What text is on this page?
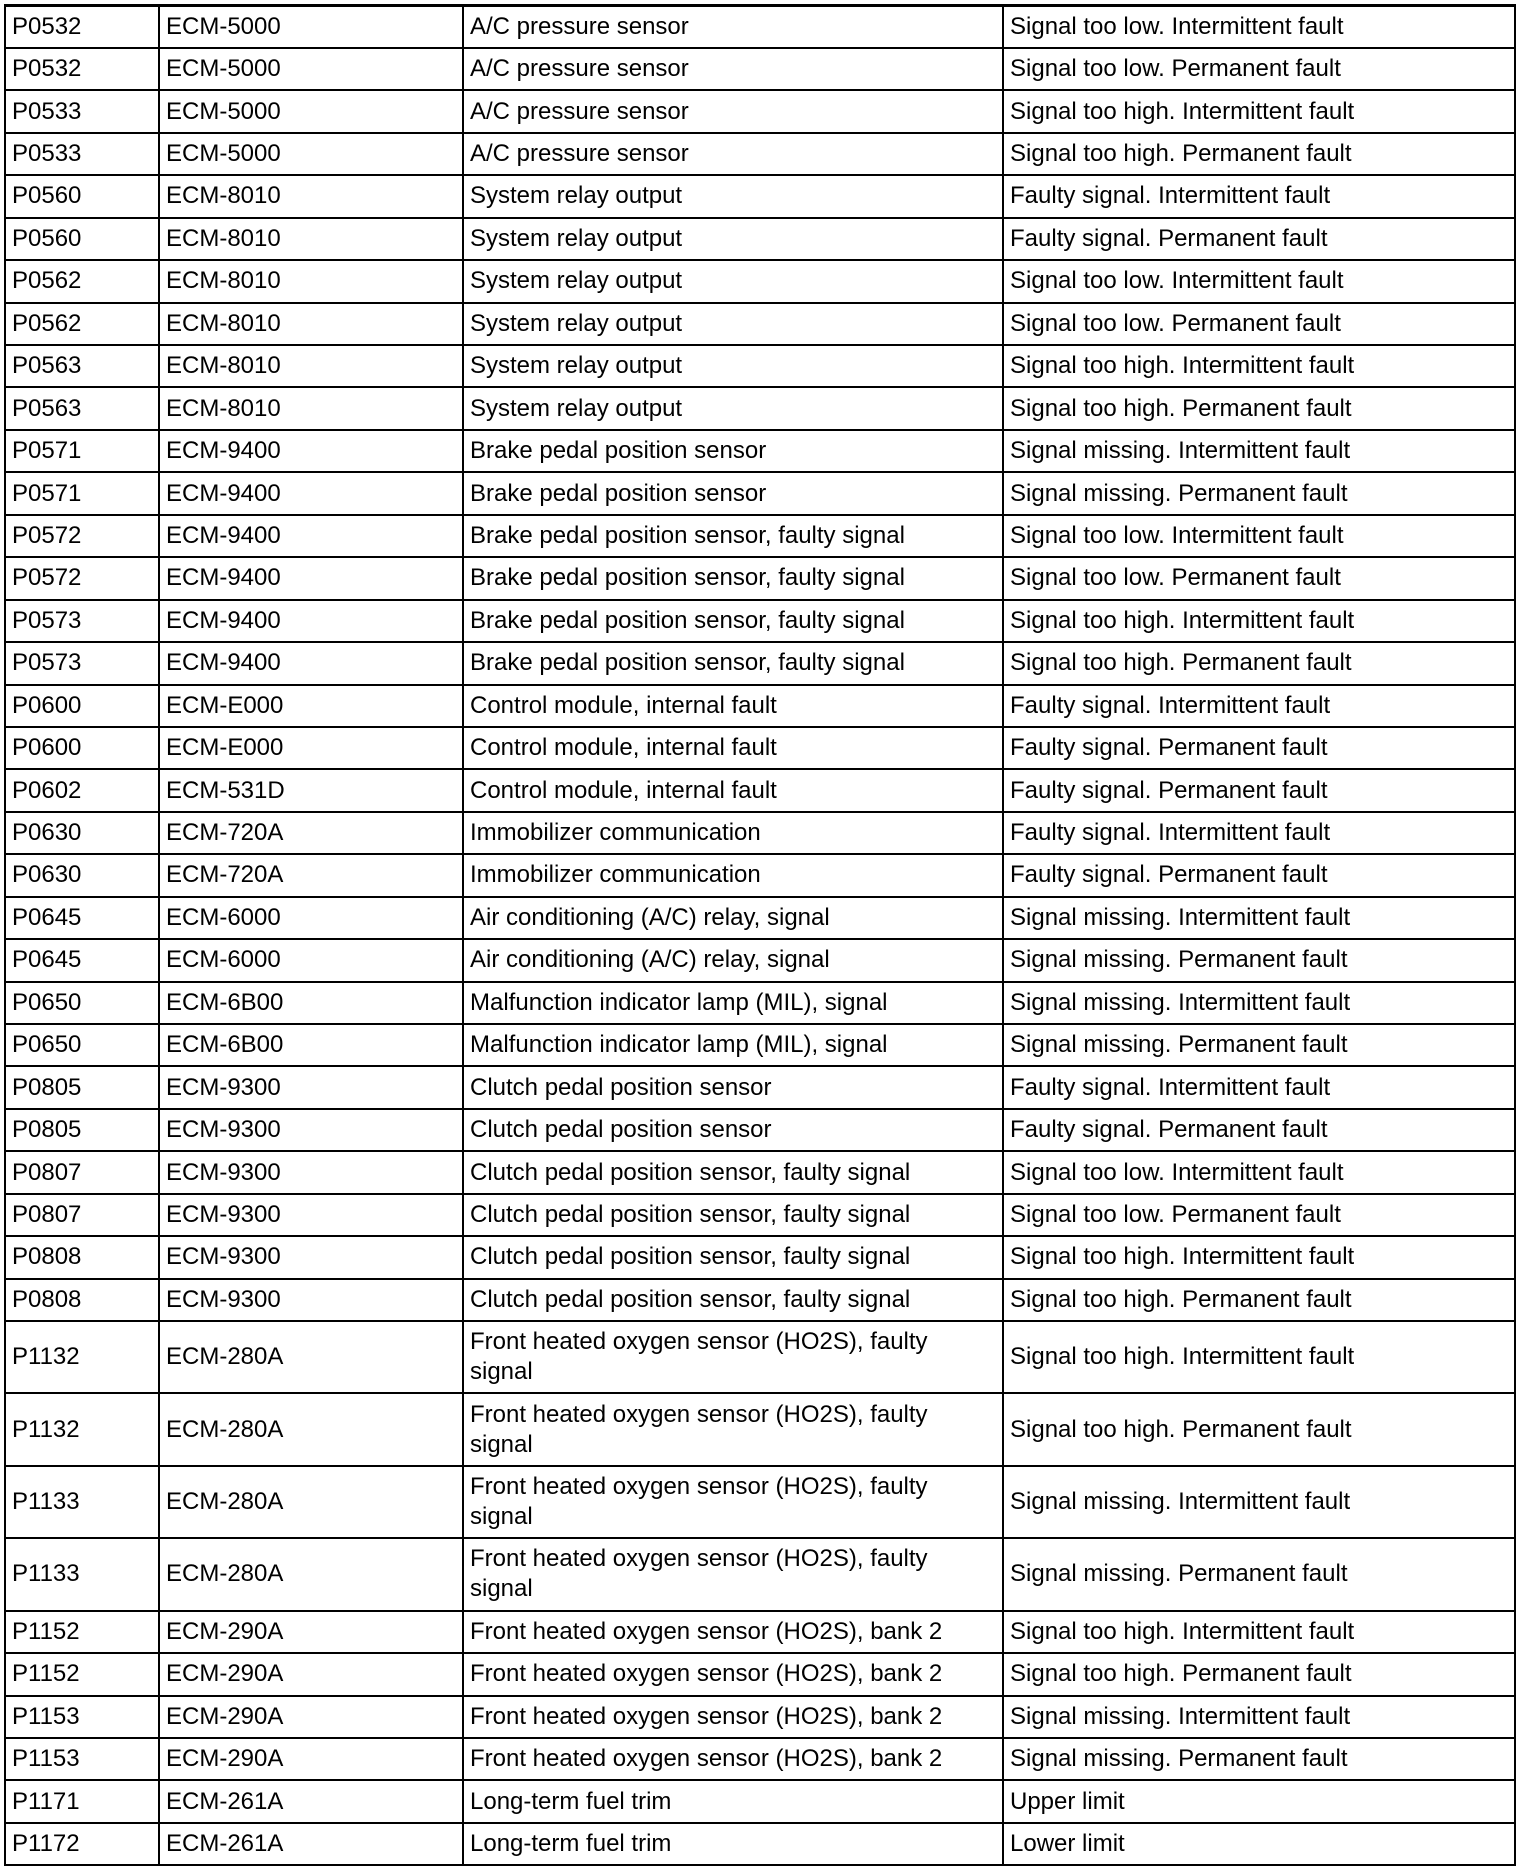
P0532	ECM-5000	A/C pressure sensor	Signal too low. Intermittent fault
P0532	ECM-5000	A/C pressure sensor	Signal too low. Permanent fault
P0533	ECM-5000	A/C pressure sensor	Signal too high. Intermittent fault
P0533	ECM-5000	A/C pressure sensor	Signal too high. Permanent fault
P0560	ECM-8010	System relay output	Faulty signal. Intermittent fault
P0560	ECM-8010	System relay output	Faulty signal. Permanent fault
P0562	ECM-8010	System relay output	Signal too low. Intermittent fault
P0562	ECM-8010	System relay output	Signal too low. Permanent fault
P0563	ECM-8010	System relay output	Signal too high. Intermittent fault
P0563	ECM-8010	System relay output	Signal too high. Permanent fault
P0571	ECM-9400	Brake pedal position sensor	Signal missing. Intermittent fault
P0571	ECM-9400	Brake pedal position sensor	Signal missing. Permanent fault
P0572	ECM-9400	Brake pedal position sensor, faulty signal	Signal too low. Intermittent fault
P0572	ECM-9400	Brake pedal position sensor, faulty signal	Signal too low. Permanent fault
P0573	ECM-9400	Brake pedal position sensor, faulty signal	Signal too high. Intermittent fault
P0573	ECM-9400	Brake pedal position sensor, faulty signal	Signal too high. Permanent fault
P0600	ECM-E000	Control module, internal fault	Faulty signal. Intermittent fault
P0600	ECM-E000	Control module, internal fault	Faulty signal. Permanent fault
P0602	ECM-531D	Control module, internal fault	Faulty signal. Permanent fault
P0630	ECM-720A	Immobilizer communication	Faulty signal. Intermittent fault
P0630	ECM-720A	Immobilizer communication	Faulty signal. Permanent fault
P0645	ECM-6000	Air conditioning (A/C) relay, signal	Signal missing. Intermittent fault
P0645	ECM-6000	Air conditioning (A/C) relay, signal	Signal missing. Permanent fault
P0650	ECM-6B00	Malfunction indicator lamp (MIL), signal	Signal missing. Intermittent fault
P0650	ECM-6B00	Malfunction indicator lamp (MIL), signal	Signal missing. Permanent fault
P0805	ECM-9300	Clutch pedal position sensor	Faulty signal. Intermittent fault
P0805	ECM-9300	Clutch pedal position sensor	Faulty signal. Permanent fault
P0807	ECM-9300	Clutch pedal position sensor, faulty signal	Signal too low. Intermittent fault
P0807	ECM-9300	Clutch pedal position sensor, faulty signal	Signal too low. Permanent fault
P0808	ECM-9300	Clutch pedal position sensor, faulty signal	Signal too high. Intermittent fault
P0808	ECM-9300	Clutch pedal position sensor, faulty signal	Signal too high. Permanent fault
P1132	ECM-280A	Front heated oxygen sensor (HO2S), faulty signal	Signal too high. Intermittent fault
P1132	ECM-280A	Front heated oxygen sensor (HO2S), faulty signal	Signal too high. Permanent fault
P1133	ECM-280A	Front heated oxygen sensor (HO2S), faulty signal	Signal missing. Intermittent fault
P1133	ECM-280A	Front heated oxygen sensor (HO2S), faulty signal	Signal missing. Permanent fault
P1152	ECM-290A	Front heated oxygen sensor (HO2S), bank 2	Signal too high. Intermittent fault
P1152	ECM-290A	Front heated oxygen sensor (HO2S), bank 2	Signal too high. Permanent fault
P1153	ECM-290A	Front heated oxygen sensor (HO2S), bank 2	Signal missing. Intermittent fault
P1153	ECM-290A	Front heated oxygen sensor (HO2S), bank 2	Signal missing. Permanent fault
P1171	ECM-261A	Long-term fuel trim	Upper limit
P1172	ECM-261A	Long-term fuel trim	Lower limit
